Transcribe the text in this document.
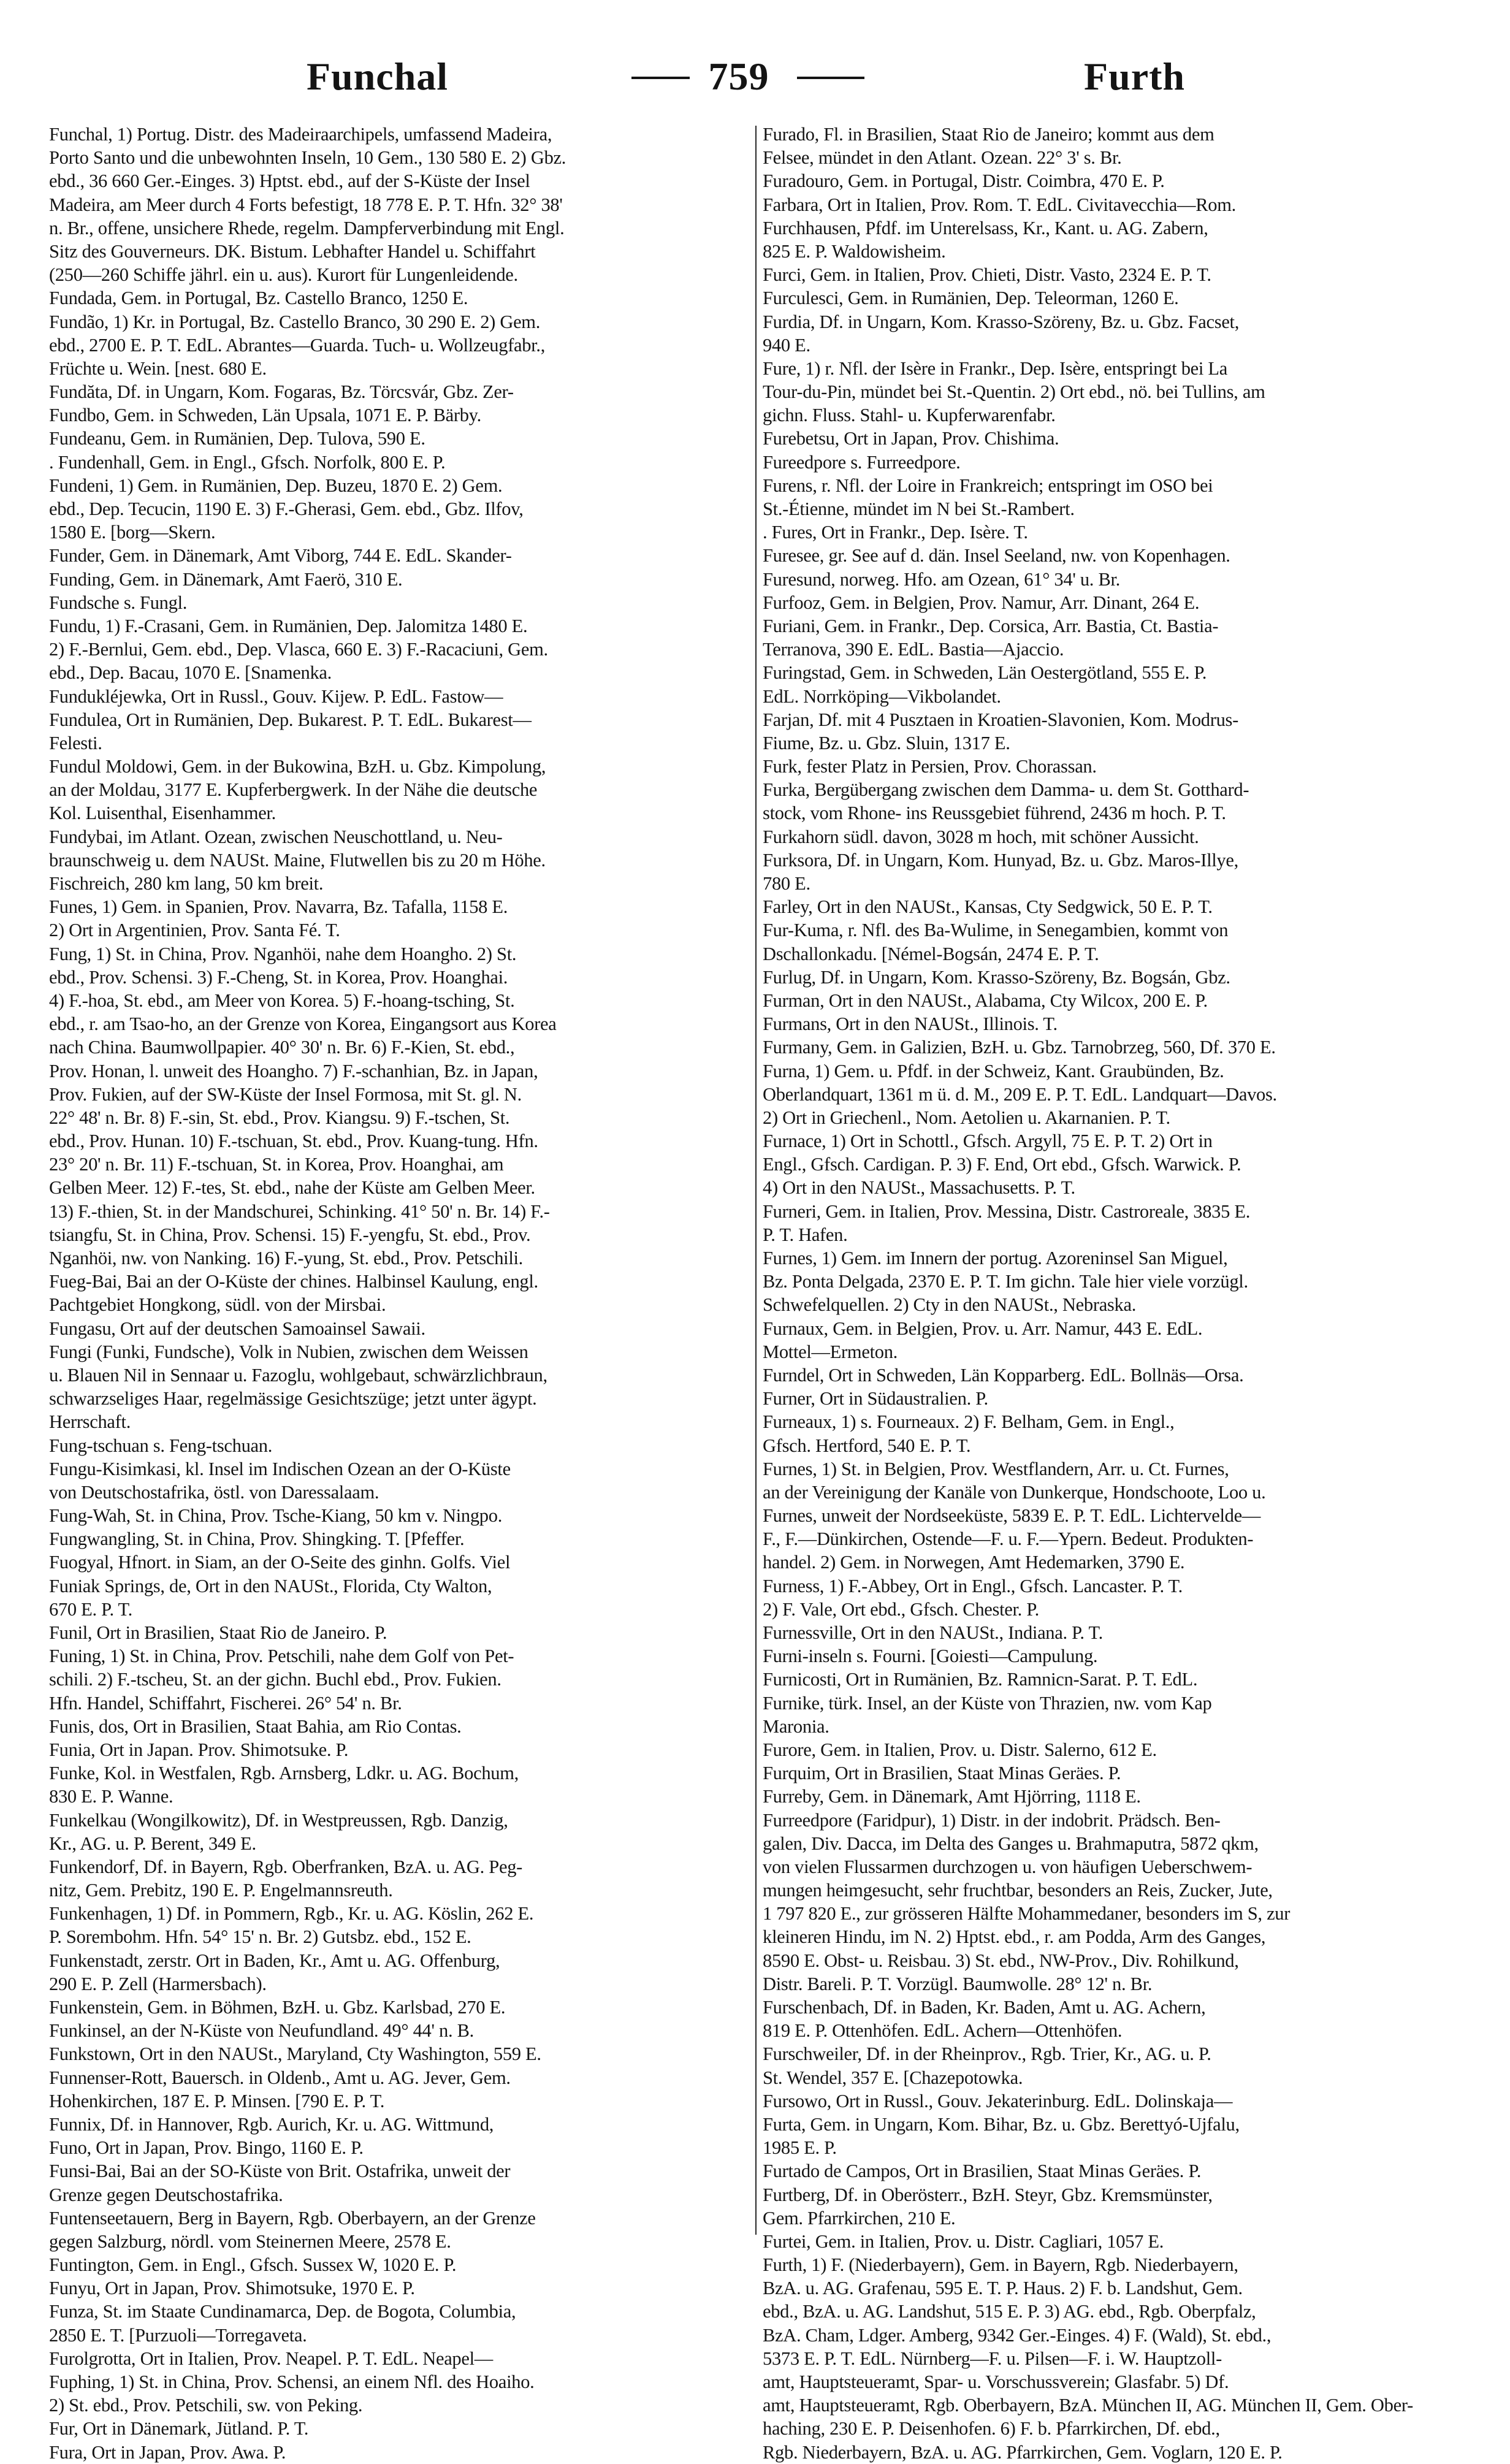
Funchal	759	Furth
Funchal, 1) Portug. Distr. des Madeiraarchipels, umfassend Madeira,
Porto Santo und die unbewohnten Inseln, 10 Gem., 130 580 E. 2) Gbz.
ebd., 36 660 Ger.-Einges. 3) Hptst. ebd., auf der S-Küste der Insel
Madeira, am Meer durch 4 Forts befestigt, 18 778 E. P. T. Hfn. 32° 38'
n. Br., offene, unsichere Rhede, regelm. Dampferverbindung mit Engl.
Sitz des Gouverneurs. DK. Bistum. Lebhafter Handel u. Schiffahrt
(250—260 Schiffe jährl. ein u. aus). Kurort für Lungenleidende.
Fundada, Gem. in Portugal, Bz. Castello Branco, 1250 E.
Fundão, 1) Kr. in Portugal, Bz. Castello Branco, 30 290 E. 2) Gem.
ebd., 2700 E. P. T. EdL. Abrantes—Guarda. Tuch- u. Wollzeugfabr.,
Früchte u. Wein. [nest. 680 E.
Fundăta, Df. in Ungarn, Kom. Fogaras, Bz. Törcsvár, Gbz. Zer-
Fundbo, Gem. in Schweden, Län Upsala, 1071 E. P. Bärby.
Fundeanu, Gem. in Rumänien, Dep. Tulova, 590 E.
. Fundenhall, Gem. in Engl., Gfsch. Norfolk, 800 E. P.
Fundeni, 1) Gem. in Rumänien, Dep. Buzeu, 1870 E. 2) Gem.
ebd., Dep. Tecucin, 1190 E. 3) F.-Gherasi, Gem. ebd., Gbz. Ilfov,
1580 E. [borg—Skern.
Funder, Gem. in Dänemark, Amt Viborg, 744 E. EdL. Skander-
Funding, Gem. in Dänemark, Amt Faerö, 310 E.
Fundsche s. Fungl.
Fundu, 1) F.-Crasani, Gem. in Rumänien, Dep. Jalomitza 1480 E.
2) F.-Bernlui, Gem. ebd., Dep. Vlasca, 660 E. 3) F.-Racaciuni, Gem.
ebd., Dep. Bacau, 1070 E. [Snamenka.
Fundukléjewka, Ort in Russl., Gouv. Kijew. P. EdL. Fastow—
Fundulea, Ort in Rumänien, Dep. Bukarest. P. T. EdL. Bukarest—
Felesti.
Fundul Moldowi, Gem. in der Bukowina, BzH. u. Gbz. Kimpolung,
an der Moldau, 3177 E. Kupferbergwerk. In der Nähe die deutsche
Kol. Luisenthal, Eisenhammer.
Fundybai, im Atlant. Ozean, zwischen Neuschottland, u. Neu-
braunschweig u. dem NAUSt. Maine, Flutwellen bis zu 20 m Höhe.
Fischreich, 280 km lang, 50 km breit.
Funes, 1) Gem. in Spanien, Prov. Navarra, Bz. Tafalla, 1158 E.
2) Ort in Argentinien, Prov. Santa Fé. T.
Fung, 1) St. in China, Prov. Nganhöi, nahe dem Hoangho. 2) St.
ebd., Prov. Schensi. 3) F.-Cheng, St. in Korea, Prov. Hoanghai.
4) F.-hoa, St. ebd., am Meer von Korea. 5) F.-hoang-tsching, St.
ebd., r. am Tsao-ho, an der Grenze von Korea, Eingangsort aus Korea
nach China. Baumwollpapier. 40° 30' n. Br. 6) F.-Kien, St. ebd.,
Prov. Honan, l. unweit des Hoangho. 7) F.-schanhian, Bz. in Japan,
Prov. Fukien, auf der SW-Küste der Insel Formosa, mit St. gl. N.
22° 48' n. Br. 8) F.-sin, St. ebd., Prov. Kiangsu. 9) F.-tschen, St.
ebd., Prov. Hunan. 10) F.-tschuan, St. ebd., Prov. Kuang-tung. Hfn.
23° 20' n. Br. 11) F.-tschuan, St. in Korea, Prov. Hoanghai, am
Gelben Meer. 12) F.-tes, St. ebd., nahe der Küste am Gelben Meer.
13) F.-thien, St. in der Mandschurei, Schinking. 41° 50' n. Br. 14) F.-
tsiangfu, St. in China, Prov. Schensi. 15) F.-yengfu, St. ebd., Prov.
Nganhöi, nw. von Nanking. 16) F.-yung, St. ebd., Prov. Petschili.
Fueg-Bai, Bai an der O-Küste der chines. Halbinsel Kaulung, engl.
Pachtgebiet Hongkong, südl. von der Mirsbai.
Fungasu, Ort auf der deutschen Samoainsel Sawaii.
Fungi (Funki, Fundsche), Volk in Nubien, zwischen dem Weissen
u. Blauen Nil in Sennaar u. Fazoglu, wohlgebaut, schwärzlichbraun,
schwarzseliges Haar, regelmässige Gesichtszüge; jetzt unter ägypt.
Herrschaft.
Fung-tschuan s. Feng-tschuan.
Fungu-Kisimkasi, kl. Insel im Indischen Ozean an der O-Küste
von Deutschostafrika, östl. von Daressalaam.
Fung-Wah, St. in China, Prov. Tsche-Kiang, 50 km v. Ningpo.
Fungwangling, St. in China, Prov. Shingking. T. [Pfeffer.
Fuogyal, Hfnort. in Siam, an der O-Seite des ginhn. Golfs. Viel
Funiak Springs, de, Ort in den NAUSt., Florida, Cty Walton,
670 E. P. T.
Funil, Ort in Brasilien, Staat Rio de Janeiro. P.
Funing, 1) St. in China, Prov. Petschili, nahe dem Golf von Pet-
schili. 2) F.-tscheu, St. an der gichn. Buchl ebd., Prov. Fukien.
Hfn. Handel, Schiffahrt, Fischerei. 26° 54' n. Br.
Funis, dos, Ort in Brasilien, Staat Bahia, am Rio Contas.
Funia, Ort in Japan. Prov. Shimotsuke. P.
Funke, Kol. in Westfalen, Rgb. Arnsberg, Ldkr. u. AG. Bochum,
830 E. P. Wanne.
Funkelkau (Wongilkowitz), Df. in Westpreussen, Rgb. Danzig,
Kr., AG. u. P. Berent, 349 E.
Funkendorf, Df. in Bayern, Rgb. Oberfranken, BzA. u. AG. Peg-
nitz, Gem. Prebitz, 190 E. P. Engelmannsreuth.
Funkenhagen, 1) Df. in Pommern, Rgb., Kr. u. AG. Köslin, 262 E.
P. Sorembohm. Hfn. 54° 15' n. Br. 2) Gutsbz. ebd., 152 E.
Funkenstadt, zerstr. Ort in Baden, Kr., Amt u. AG. Offenburg,
290 E. P. Zell (Harmersbach).
Funkenstein, Gem. in Böhmen, BzH. u. Gbz. Karlsbad, 270 E.
Funkinsel, an der N-Küste von Neufundland. 49° 44' n. B.
Funkstown, Ort in den NAUSt., Maryland, Cty Washington, 559 E.
Funnenser-Rott, Bauersch. in Oldenb., Amt u. AG. Jever, Gem.
Hohenkirchen, 187 E. P. Minsen. [790 E. P. T.
Funnix, Df. in Hannover, Rgb. Aurich, Kr. u. AG. Wittmund,
Funo, Ort in Japan, Prov. Bingo, 1160 E. P.
Funsi-Bai, Bai an der SO-Küste von Brit. Ostafrika, unweit der
Grenze gegen Deutschostafrika.
Funtenseetauern, Berg in Bayern, Rgb. Oberbayern, an der Grenze
gegen Salzburg, nördl. vom Steinernen Meere, 2578 E.
Funtington, Gem. in Engl., Gfsch. Sussex W, 1020 E. P.
Funyu, Ort in Japan, Prov. Shimotsuke, 1970 E. P.
Funza, St. im Staate Cundinamarca, Dep. de Bogota, Columbia,
2850 E. T. [Purzuoli—Torregaveta.
Furolgrotta, Ort in Italien, Prov. Neapel. P. T. EdL. Neapel—
Fuphing, 1) St. in China, Prov. Schensi, an einem Nfl. des Hoaiho.
2) St. ebd., Prov. Petschili, sw. von Peking.
Fur, Ort in Dänemark, Jütland. P. T.
Fura, Ort in Japan, Prov. Awa. P.
Furado, Fl. in Brasilien, Staat Rio de Janeiro; kommt aus dem
Felsee, mündet in den Atlant. Ozean. 22° 3' s. Br.
Furadouro, Gem. in Portugal, Distr. Coimbra, 470 E. P.
Farbara, Ort in Italien, Prov. Rom. T. EdL. Civitavecchia—Rom.
Furchhausen, Pfdf. im Unterelsass, Kr., Kant. u. AG. Zabern,
825 E. P. Waldowisheim.
Furci, Gem. in Italien, Prov. Chieti, Distr. Vasto, 2324 E. P. T.
Furculesci, Gem. in Rumänien, Dep. Teleorman, 1260 E.
Furdia, Df. in Ungarn, Kom. Krasso-Szöreny, Bz. u. Gbz. Facset,
940 E.
Fure, 1) r. Nfl. der Isère in Frankr., Dep. Isère, entspringt bei La
Tour-du-Pin, mündet bei St.-Quentin. 2) Ort ebd., nö. bei Tullins, am
gichn. Fluss. Stahl- u. Kupferwarenfabr.
Furebetsu, Ort in Japan, Prov. Chishima.
Fureedpore s. Furreedpore.
Furens, r. Nfl. der Loire in Frankreich; entspringt im OSO bei
St.-Étienne, mündet im N bei St.-Rambert.
. Fures, Ort in Frankr., Dep. Isère. T.
Furesee, gr. See auf d. dän. Insel Seeland, nw. von Kopenhagen.
Furesund, norweg. Hfo. am Ozean, 61° 34' u. Br.
Furfooz, Gem. in Belgien, Prov. Namur, Arr. Dinant, 264 E.
Furiani, Gem. in Frankr., Dep. Corsica, Arr. Bastia, Ct. Bastia-
Terranova, 390 E. EdL. Bastia—Ajaccio.
Furingstad, Gem. in Schweden, Län Oestergötland, 555 E. P.
EdL. Norrköping—Vikbolandet.
Farjan, Df. mit 4 Pusztaen in Kroatien-Slavonien, Kom. Modrus-
Fiume, Bz. u. Gbz. Sluin, 1317 E.
Furk, fester Platz in Persien, Prov. Chorassan.
Furka, Bergübergang zwischen dem Damma- u. dem St. Gotthard-
stock, vom Rhone- ins Reussgebiet führend, 2436 m hoch. P. T.
Furkahorn südl. davon, 3028 m hoch, mit schöner Aussicht.
Furksora, Df. in Ungarn, Kom. Hunyad, Bz. u. Gbz. Maros-Illye,
780 E.
Farley, Ort in den NAUSt., Kansas, Cty Sedgwick, 50 E. P. T.
Fur-Kuma, r. Nfl. des Ba-Wulime, in Senegambien, kommt von
Dschallonkadu. [Némel-Bogsán, 2474 E. P. T.
Furlug, Df. in Ungarn, Kom. Krasso-Szöreny, Bz. Bogsán, Gbz.
Furman, Ort in den NAUSt., Alabama, Cty Wilcox, 200 E. P.
Furmans, Ort in den NAUSt., Illinois. T.
Furmany, Gem. in Galizien, BzH. u. Gbz. Tarnobrzeg, 560, Df. 370 E.
Furna, 1) Gem. u. Pfdf. in der Schweiz, Kant. Graubünden, Bz.
Oberlandquart, 1361 m ü. d. M., 209 E. P. T. EdL. Landquart—Davos.
2) Ort in Griechenl., Nom. Aetolien u. Akarnanien. P. T.
Furnace, 1) Ort in Schottl., Gfsch. Argyll, 75 E. P. T. 2) Ort in
Engl., Gfsch. Cardigan. P. 3) F. End, Ort ebd., Gfsch. Warwick. P.
4) Ort in den NAUSt., Massachusetts. P. T.
Furneri, Gem. in Italien, Prov. Messina, Distr. Castroreale, 3835 E.
P. T. Hafen.
Furnes, 1) Gem. im Innern der portug. Azoreninsel San Miguel,
Bz. Ponta Delgada, 2370 E. P. T. Im gichn. Tale hier viele vorzügl.
Schwefelquellen. 2) Cty in den NAUSt., Nebraska.
Furnaux, Gem. in Belgien, Prov. u. Arr. Namur, 443 E. EdL.
Mottel—Ermeton.
Furndel, Ort in Schweden, Län Kopparberg. EdL. Bollnäs—Orsa.
Furner, Ort in Südaustralien. P.
Furneaux, 1) s. Fourneaux. 2) F. Belham, Gem. in Engl.,
Gfsch. Hertford, 540 E. P. T.
Furnes, 1) St. in Belgien, Prov. Westflandern, Arr. u. Ct. Furnes,
an der Vereinigung der Kanäle von Dunkerque, Hondschoote, Loo u.
Furnes, unweit der Nordseeküste, 5839 E. P. T. EdL. Lichtervelde—
F., F.—Dünkirchen, Ostende—F. u. F.—Ypern. Bedeut. Produkten-
handel. 2) Gem. in Norwegen, Amt Hedemarken, 3790 E.
Furness, 1) F.-Abbey, Ort in Engl., Gfsch. Lancaster. P. T.
2) F. Vale, Ort ebd., Gfsch. Chester. P.
Furnessville, Ort in den NAUSt., Indiana. P. T.
Furni-inseln s. Fourni. [Goiesti—Campulung.
Furnicosti, Ort in Rumänien, Bz. Ramnicn-Sarat. P. T. EdL.
Furnike, türk. Insel, an der Küste von Thrazien, nw. vom Kap
Maronia.
Furore, Gem. in Italien, Prov. u. Distr. Salerno, 612 E.
Furquim, Ort in Brasilien, Staat Minas Geräes. P.
Furreby, Gem. in Dänemark, Amt Hjörring, 1118 E.
Furreedpore (Faridpur), 1) Distr. in der indobrit. Prädsch. Ben-
galen, Div. Dacca, im Delta des Ganges u. Brahmaputra, 5872 qkm,
von vielen Flussarmen durchzogen u. von häufigen Ueberschwem-
mungen heimgesucht, sehr fruchtbar, besonders an Reis, Zucker, Jute,
1 797 820 E., zur grösseren Hälfte Mohammedaner, besonders im S, zur
kleineren Hindu, im N. 2) Hptst. ebd., r. am Podda, Arm des Ganges,
8590 E. Obst- u. Reisbau. 3) St. ebd., NW-Prov., Div. Rohilkund,
Distr. Bareli. P. T. Vorzügl. Baumwolle. 28° 12' n. Br.
Furschenbach, Df. in Baden, Kr. Baden, Amt u. AG. Achern,
819 E. P. Ottenhöfen. EdL. Achern—Ottenhöfen.
Furschweiler, Df. in der Rheinprov., Rgb. Trier, Kr., AG. u. P.
St. Wendel, 357 E. [Chazepotowka.
Fursowo, Ort in Russl., Gouv. Jekaterinburg. EdL. Dolinskaja—
Furta, Gem. in Ungarn, Kom. Bihar, Bz. u. Gbz. Berettyó-Ujfalu,
1985 E. P.
Furtado de Campos, Ort in Brasilien, Staat Minas Geräes. P.
Furtberg, Df. in Oberösterr., BzH. Steyr, Gbz. Kremsmünster,
Gem. Pfarrkirchen, 210 E.
Furtei, Gem. in Italien, Prov. u. Distr. Cagliari, 1057 E.
Furth, 1) F. (Niederbayern), Gem. in Bayern, Rgb. Niederbayern,
BzA. u. AG. Grafenau, 595 E. T. P. Haus. 2) F. b. Landshut, Gem.
ebd., BzA. u. AG. Landshut, 515 E. P. 3) AG. ebd., Rgb. Oberpfalz,
BzA. Cham, Ldger. Amberg, 9342 Ger.-Einges. 4) F. (Wald), St. ebd.,
5373 E. P. T. EdL. Nürnberg—F. u. Pilsen—F. i. W. Hauptzoll-
amt, Hauptsteueramt, Spar- u. Vorschussverein; Glasfabr. 5) Df.
amt, Hauptsteueramt, Rgb. Oberbayern, BzA. München II, AG. München II, Gem. Ober-
haching, 230 E. P. Deisenhofen. 6) F. b. Pfarrkirchen, Df. ebd.,
Rgb. Niederbayern, BzA. u. AG. Pfarrkirchen, Gem. Voglarn, 120 E. P.
